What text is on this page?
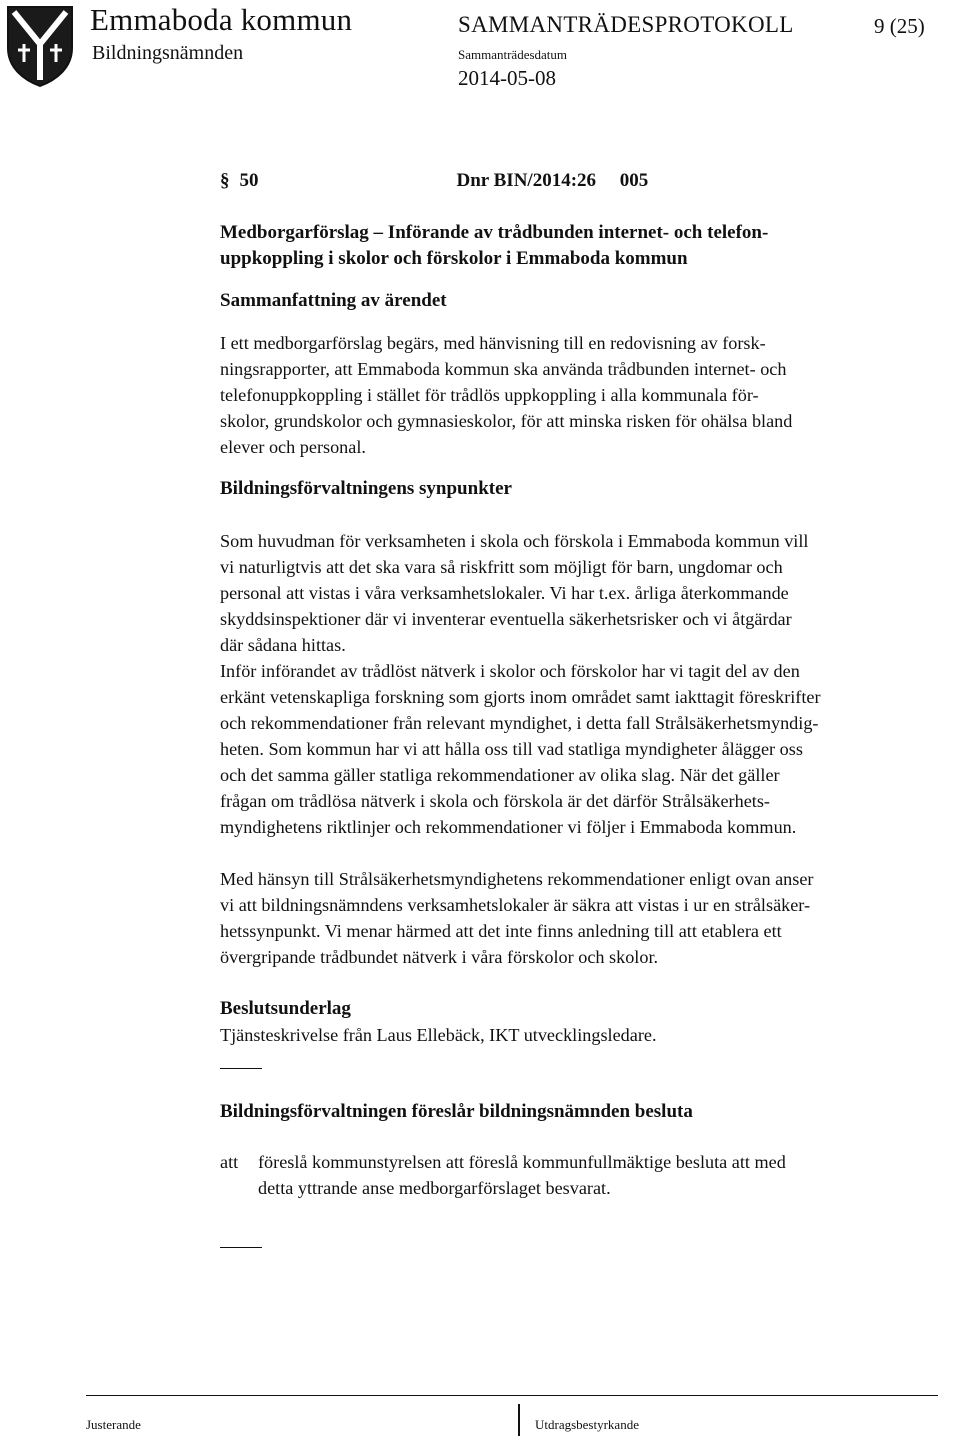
Emmaboda kommun
Bildningsnämnden
SAMMANTRÄDESPROTOKOLL	9 (25)
Sammanträdesdatum
2014-05-08
§ 50	Dnr BIN/2014:26     005
Medborgarförslag – Införande av trådbunden internet- och telefon-
uppkoppling i skolor och förskolor i Emmaboda kommun
Sammanfattning av ärendet

I ett medborgarförslag begärs, med hänvisning till en redovisning av forsk-
ningsrapporter, att Emmaboda kommun ska använda trådbunden internet- och
telefonuppkoppling i stället för trådlös uppkoppling i alla kommunala för-
skolor, grundskolor och gymnasieskolor, för att minska risken för ohälsa bland
elever och personal.

Bildningsförvaltningens synpunkter

Som huvudman för verksamheten i skola och förskola i Emmaboda kommun vill
vi naturligtvis att det ska vara så riskfritt som möjligt för barn, ungdomar och
personal att vistas i våra verksamhetslokaler. Vi har t.ex. årliga återkommande
skyddsinspektioner där vi inventerar eventuella säkerhetsrisker och vi åtgärdar
där sådana hittas.

Inför införandet av trådlöst nätverk i skolor och förskolor har vi tagit del av den
erkänt vetenskapliga forskning som gjorts inom området samt iakttagit föreskrifter
och rekommendationer från relevant myndighet, i detta fall Strålsäkerhetsmyndig-
heten. Som kommun har vi att hålla oss till vad statliga myndigheter ålägger oss
och det samma gäller statliga rekommendationer av olika slag. När det gäller
frågan om trådlösa nätverk i skola och förskola är det därför Strålsäkerhets-
myndighetens riktlinjer och rekommendationer vi följer i Emmaboda kommun.

Med hänsyn till Strålsäkerhetsmyndighetens rekommendationer enligt ovan anser
vi att bildningsnämndens verksamhetslokaler är säkra att vistas i ur en strålsäker-
hetssynpunkt. Vi menar härmed att det inte finns anledning till att etablera ett
övergripande trådbundet nätverk i våra förskolor och skolor.

Beslutsunderlag

Tjänsteskrivelse från Laus Ellebäck, IKT utvecklingsledare.

Bildningsförvaltningen föreslår bildningsnämnden besluta
att	föreslå kommunstyrelsen att föreslå kommunfullmäktige besluta att med
detta yttrande anse medborgarförslaget besvarat.
Justerande	Utdragsbestyrkande
